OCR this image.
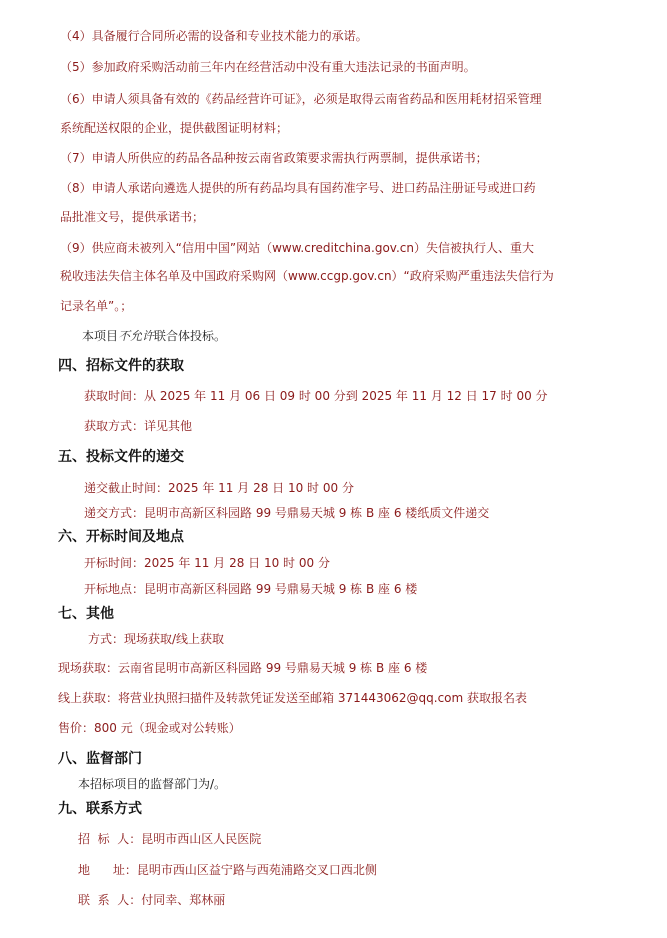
（4）具备履行合同所必需的设备和专业技术能力的承诺。
（5）参加政府采购活动前三年内在经营活动中没有重大违法记录的书面声明。
（6）申请人须具备有效的《药品经营许可证》，必须是取得云南省药品和医用耗材招采管理
系统配送权限的企业，提供截图证明材料；
（7）申请人所供应的药品各品种按云南省政策要求需执行两票制，提供承诺书；
（8）申请人承诺向遴选人提供的所有药品均具有国药准字号、进口药品注册证号或进口药
品批准文号，提供承诺书；
（9）供应商未被列入“信用中国”网站（www.creditchina.gov.cn）失信被执行人、重大
税收违法失信主体名单及中国政府采购网（www.ccgp.gov.cn）“政府采购严重违法失信行为
记录名单”。；
本项目不允许联合体投标。
四、招标文件的获取
获取时间：从 2025 年 11 月 06 日 09 时 00 分到 2025 年 11 月 12 日 17 时 00 分
获取方式：详见其他
五、投标文件的递交
递交截止时间：2025 年 11 月 28 日 10 时 00 分
递交方式：昆明市高新区科园路 99 号鼎易天城 9 栋 B 座 6 楼纸质文件递交
六、开标时间及地点
开标时间：2025 年 11 月 28 日 10 时 00 分
开标地点：昆明市高新区科园路 99 号鼎易天城 9 栋 B 座 6 楼
七、其他
方式：现场获取/线上获取
现场获取：云南省昆明市高新区科园路 99 号鼎易天城 9 栋 B 座 6 楼
线上获取：将营业执照扫描件及转款凭证发送至邮箱 371443062@qq.com 获取报名表
售价：800 元（现金或对公转账）
八、监督部门
本招标项目的监督部门为/。
九、联系方式
招  标  人：昆明市西山区人民医院
地      址：昆明市西山区益宁路与西苑浦路交叉口西北侧
联  系  人：付同幸、郑林丽
